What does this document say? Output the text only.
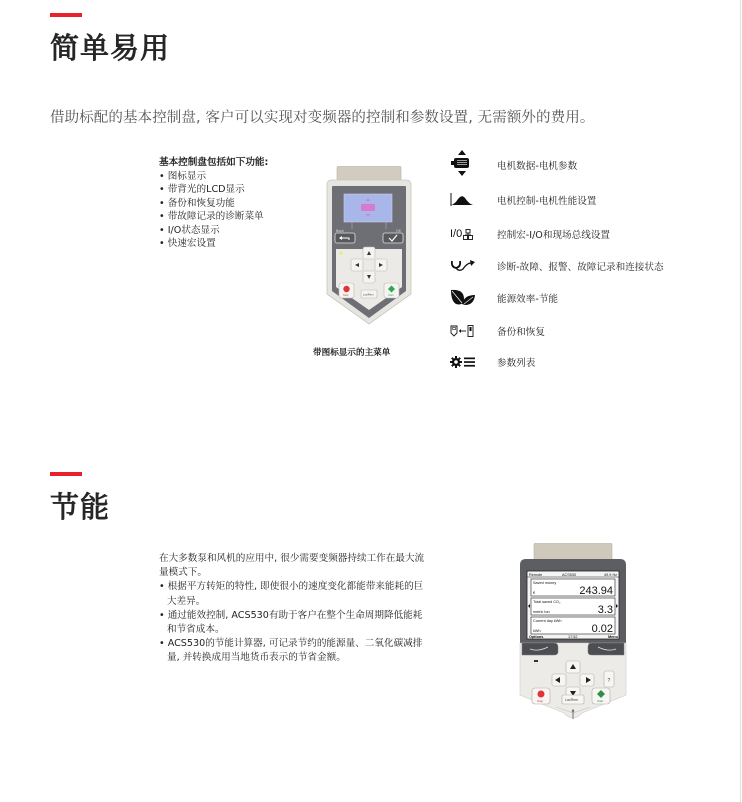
简单易用
借助标配的基本控制盘, 客户可以实现对变频器的控制和参数设置, 无需额外的费用。
基本控制盘包括如下功能:
• 图标显示
• 带背光的LCD显示
• 备份和恢复功能
• 带故障记录的诊断菜单
• I/O状态显示
• 快速宏设置
Back	OK
Stop	Loc/Rem	Start
带图标显示的主菜单
电机数据-电机参数
电机控制-电机性能设置
I/0	控制宏-I/O和现场总线设置
诊断-故障、报警、故障记录和连接状态
能源效率-节能
备份和恢复
参数列表
节能

在大多数泵和风机的应用中, 很少需要变频器持续工作在最大流量模式下。

• 根据平方转矩的特性, 即使很小的速度变化都能带来能耗的巨大差异。

• 通过能效控制, ACS530有助于客户在整个生命周期降低能耗和节省成本。

• ACS530的节能计算器, 可记录节约的能源量、二氧化碳减排量, 并转换成用当地货币表示的节省金额。

Remote	ACS530	49.9 Hz
Saved money
€	243.94
Total saved CO₂
metric ton	3.3
Current day kWh
kWh	0.02
Options	17:52	Menu
?
Stop	Loc/Rem	Start
